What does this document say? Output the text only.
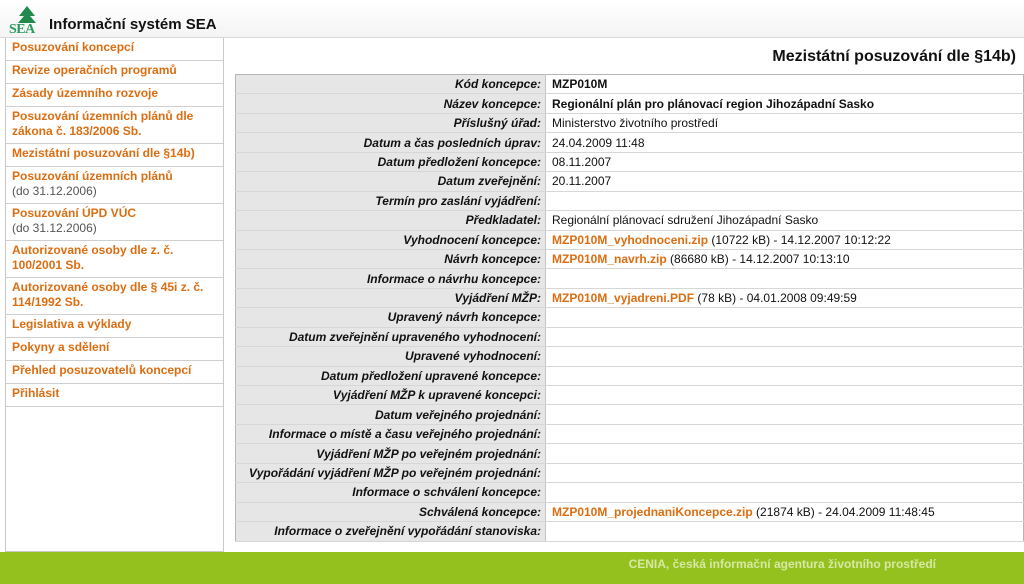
SEA Informační systém SEA
Posuzování koncepcí
Revize operačních programů
Zásady územního rozvoje
Posuzování územních plánů dle zákona č. 183/2006 Sb.
Mezistátní posuzování dle §14b)
Posuzování územních plánů
(do 31.12.2006)
Posuzování ÚPD VÚC
(do 31.12.2006)
Autorizované osoby dle z. č. 100/2001 Sb.
Autorizované osoby dle § 45i z. č. 114/1992 Sb.
Legislativa a výklady
Pokyny a sdělení
Přehled posuzovatelů koncepcí
Přihlásit
Mezistátní posuzování dle §14b)
Kód koncepce:	MZP010M
Název koncepce:	Regionální plán pro plánovací region Jihozápadní Sasko
Příslušný úřad:	Ministerstvo životního prostředí
Datum a čas posledních úprav:	24.04.2009 11:48
Datum předložení koncepce:	08.11.2007
Datum zveřejnění:	20.11.2007
Termín pro zaslání vyjádření:	
Předkladatel:	Regionální plánovací sdružení Jihozápadní Sasko
Vyhodnocení koncepce:	MZP010M_vyhodnoceni.zip (10722 kB) - 14.12.2007 10:12:22
Návrh koncepce:	MZP010M_navrh.zip (86680 kB) - 14.12.2007 10:13:10
Informace o návrhu koncepce:	
Vyjádření MŽP:	MZP010M_vyjadreni.PDF (78 kB) - 04.01.2008 09:49:59
Upravený návrh koncepce:	
Datum zveřejnění upraveného vyhodnocení:	
Upravené vyhodnocení:	
Datum předložení upravené koncepce:	
Vyjádření MŽP k upravené koncepci:	
Datum veřejného projednání:	
Informace o místě a času veřejného projednání:	
Vyjádření MŽP po veřejném projednání:	
Vypořádání vyjádření MŽP po veřejném projednání:	
Informace o schválení koncepce:	
Schválená koncepce:	MZP010M_projednaniKoncepce.zip (21874 kB) - 24.04.2009 11:48:45
Informace o zveřejnění vypořádání stanoviska:	
CENIA, česká informační agentura životního prostředí
